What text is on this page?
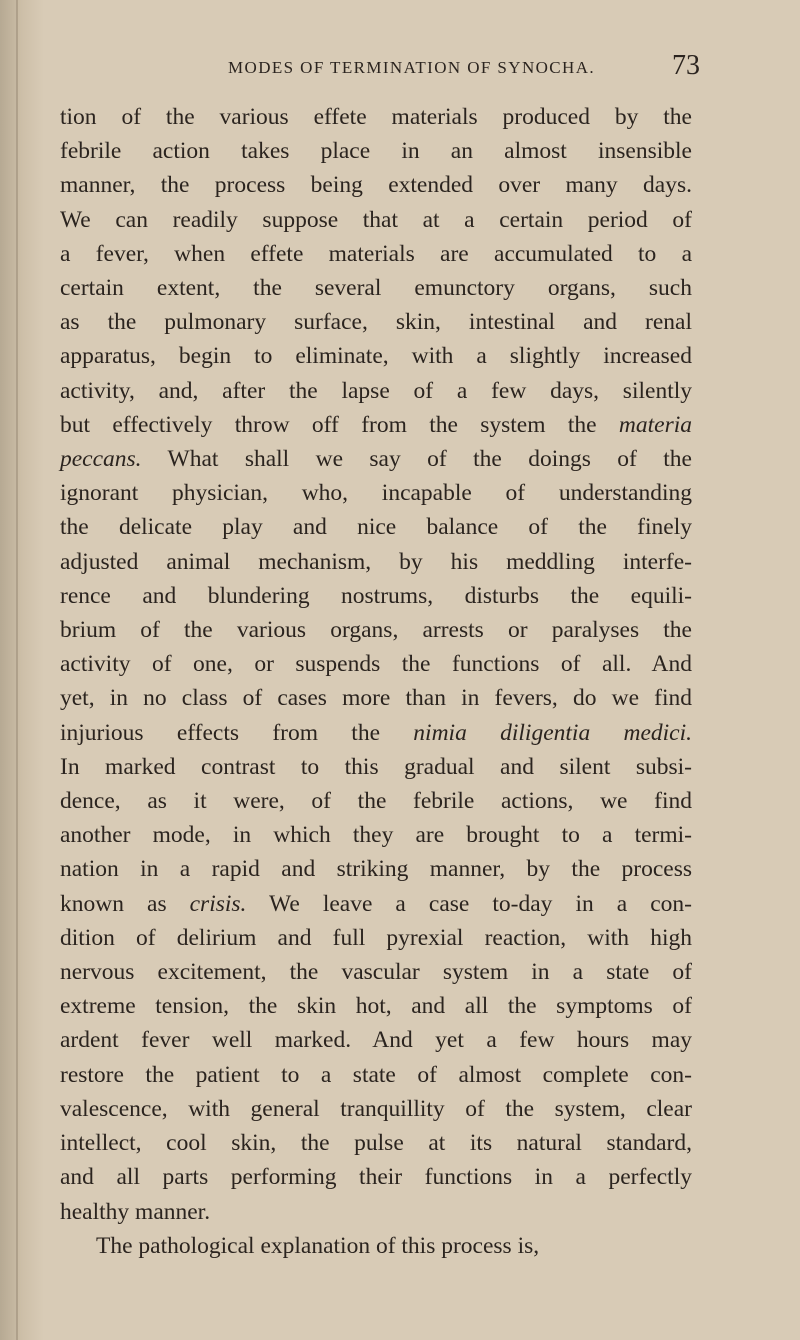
MODES OF TERMINATION OF SYNOCHA.	73
tion of the various effete materials produced by the
febrile action takes place in an almost insensible
manner, the process being extended over many days.
We can readily suppose that at a certain period of
a fever, when effete materials are accumulated to a
certain extent, the several emunctory organs, such
as the pulmonary surface, skin, intestinal and renal
apparatus, begin to eliminate, with a slightly increased
activity, and, after the lapse of a few days, silently
but effectively throw off from the system the materia
peccans. What shall we say of the doings of the
ignorant physician, who, incapable of understanding
the delicate play and nice balance of the finely
adjusted animal mechanism, by his meddling interfe-
rence and blundering nostrums, disturbs the equili-
brium of the various organs, arrests or paralyses the
activity of one, or suspends the functions of all. And
yet, in no class of cases more than in fevers, do we find
injurious effects from the nimia diligentia medici.
In marked contrast to this gradual and silent subsi-
dence, as it were, of the febrile actions, we find
another mode, in which they are brought to a termi-
nation in a rapid and striking manner, by the process
known as crisis. We leave a case to-day in a con-
dition of delirium and full pyrexial reaction, with high
nervous excitement, the vascular system in a state of
extreme tension, the skin hot, and all the symptoms of
ardent fever well marked. And yet a few hours may
restore the patient to a state of almost complete con-
valescence, with general tranquillity of the system, clear
intellect, cool skin, the pulse at its natural standard,
and all parts performing their functions in a perfectly
healthy manner.
The pathological explanation of this process is,
